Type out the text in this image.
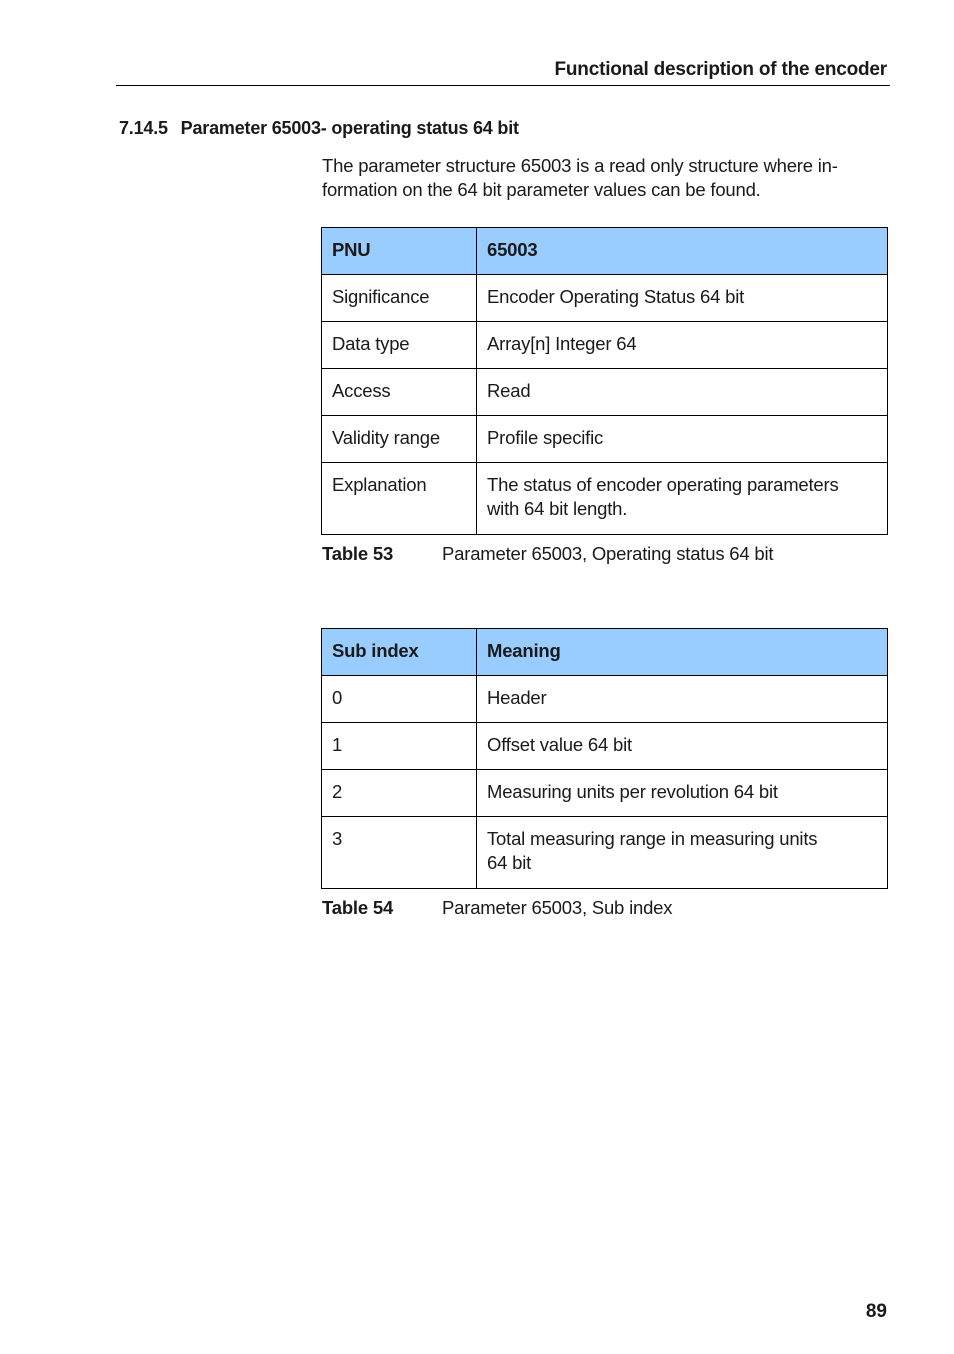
Functional description of the encoder
7.14.5 Parameter 65003- operating status 64 bit
The parameter structure 65003 is a read only structure where in-
formation on the 64 bit parameter values can be found.
PNU	65003
Significance	Encoder Operating Status 64 bit
Data type	Array[n] Integer 64
Access	Read
Validity range	Profile specific
Explanation	The status of encoder operating parameters
with 64 bit length.
Table 53	Parameter 65003, Operating status 64 bit
Sub index	Meaning
0	Header
1	Offset value 64 bit
2	Measuring units per revolution 64 bit
3	Total measuring range in measuring units
64 bit
Table 54	Parameter 65003, Sub index
89
